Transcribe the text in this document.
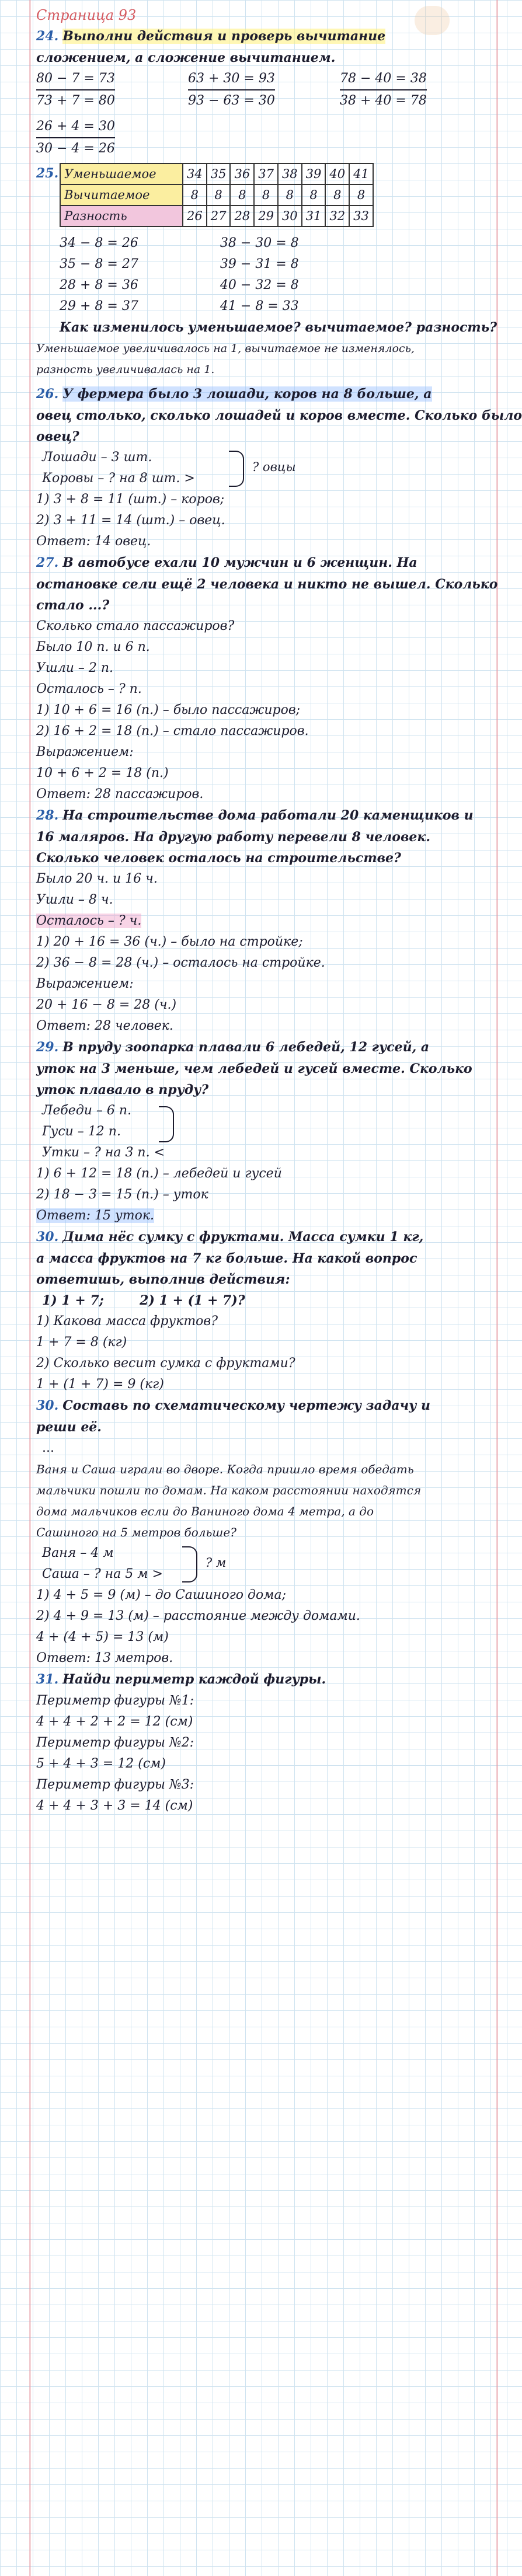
Страница 93
24. Выполни действия и проверь вычитание
сложением, а сложение вычитанием.
80 − 7 = 73
73 + 7 = 80
63 + 30 = 93
93 − 63 = 30
78 − 40 = 38
38 + 40 = 78
26 + 4 = 30
30 − 4 = 26
25. Уменьшаемое	34	35	36	37	38	39	40	41
Вычитаемое	8	8	8	8	8	8	8	8
Разность	26	27	28	29	30	31	32	33
34 − 8 = 26
35 − 8 = 27
28 + 8 = 36
29 + 8 = 37
38 − 30 = 8
39 − 31 = 8
40 − 32 = 8
41 − 8 = 33
Как изменилось уменьшаемое? вычитаемое? разность?
Уменьшаемое увеличивалось на 1, вычитаемое не изменялось,
разность увеличивалась на 1.
26. У фермера было 3 лошади, коров на 8 больше, а
овец столько, сколько лошадей и коров вместе. Сколько было
овец?
Лошади – 3 шт.
Коровы – ? на 8 шт. >
? овцы
1) 3 + 8 = 11 (шт.) – коров;
2) 3 + 11 = 14 (шт.) – овец.
Ответ: 14 овец.
27. В автобусе ехали 10 мужчин и 6 женщин. На
остановке сели ещё 2 человека и никто не вышел. Сколько
стало ...?
Сколько стало пассажиров?
Было 10 п. и 6 п.
Ушли – 2 п.
Осталось – ? п.
1) 10 + 6 = 16 (п.) – было пассажиров;
2) 16 + 2 = 18 (п.) – стало пассажиров.
Выражением:
10 + 6 + 2 = 18 (п.)
Ответ: 28 пассажиров.
28. На строительстве дома работали 20 каменщиков и
16 маляров. На другую работу перевели 8 человек.
Сколько человек осталось на строительстве?
Было 20 ч. и 16 ч.
Ушли – 8 ч.
Осталось – ? ч.
1) 20 + 16 = 36 (ч.) – было на стройке;
2) 36 − 8 = 28 (ч.) – осталось на стройке.
Выражением:
20 + 16 − 8 = 28 (ч.)
Ответ: 28 человек.
29. В пруду зоопарка плавали 6 лебедей, 12 гусей, а
уток на 3 меньше, чем лебедей и гусей вместе. Сколько
уток плавало в пруду?
Лебеди – 6 п.
Гуси – 12 п.
Утки – ? на 3 п. <
1) 6 + 12 = 18 (п.) – лебедей и гусей
2) 18 − 3 = 15 (п.) – уток
Ответ: 15 уток.
30. Дима нёс сумку с фруктами. Масса сумки 1 кг,
а масса фруктов на 7 кг больше. На какой вопрос
ответишь, выполнив действия:
1) 1 + 7;	2) 1 + (1 + 7)?
1) Какова масса фруктов?
1 + 7 = 8 (кг)
2) Сколько весит сумка с фруктами?
1 + (1 + 7) = 9 (кг)
30. Составь по схематическому чертежу задачу и
реши её.
...
Ваня и Саша играли во дворе. Когда пришло время обедать
мальчики пошли по домам. На каком расстоянии находятся
дома мальчиков если до Ваниного дома 4 метра, а до
Сашиного на 5 метров больше?
Ваня – 4 м
Саша – ? на 5 м >
? м
1) 4 + 5 = 9 (м) – до Сашиного дома;
2) 4 + 9 = 13 (м) – расстояние между домами.
4 + (4 + 5) = 13 (м)
Ответ: 13 метров.
31. Найди периметр каждой фигуры.
Периметр фигуры №1:
4 + 4 + 2 + 2 = 12 (см)
Периметр фигуры №2:
5 + 4 + 3 = 12 (см)
Периметр фигуры №3:
4 + 4 + 3 + 3 = 14 (см)
